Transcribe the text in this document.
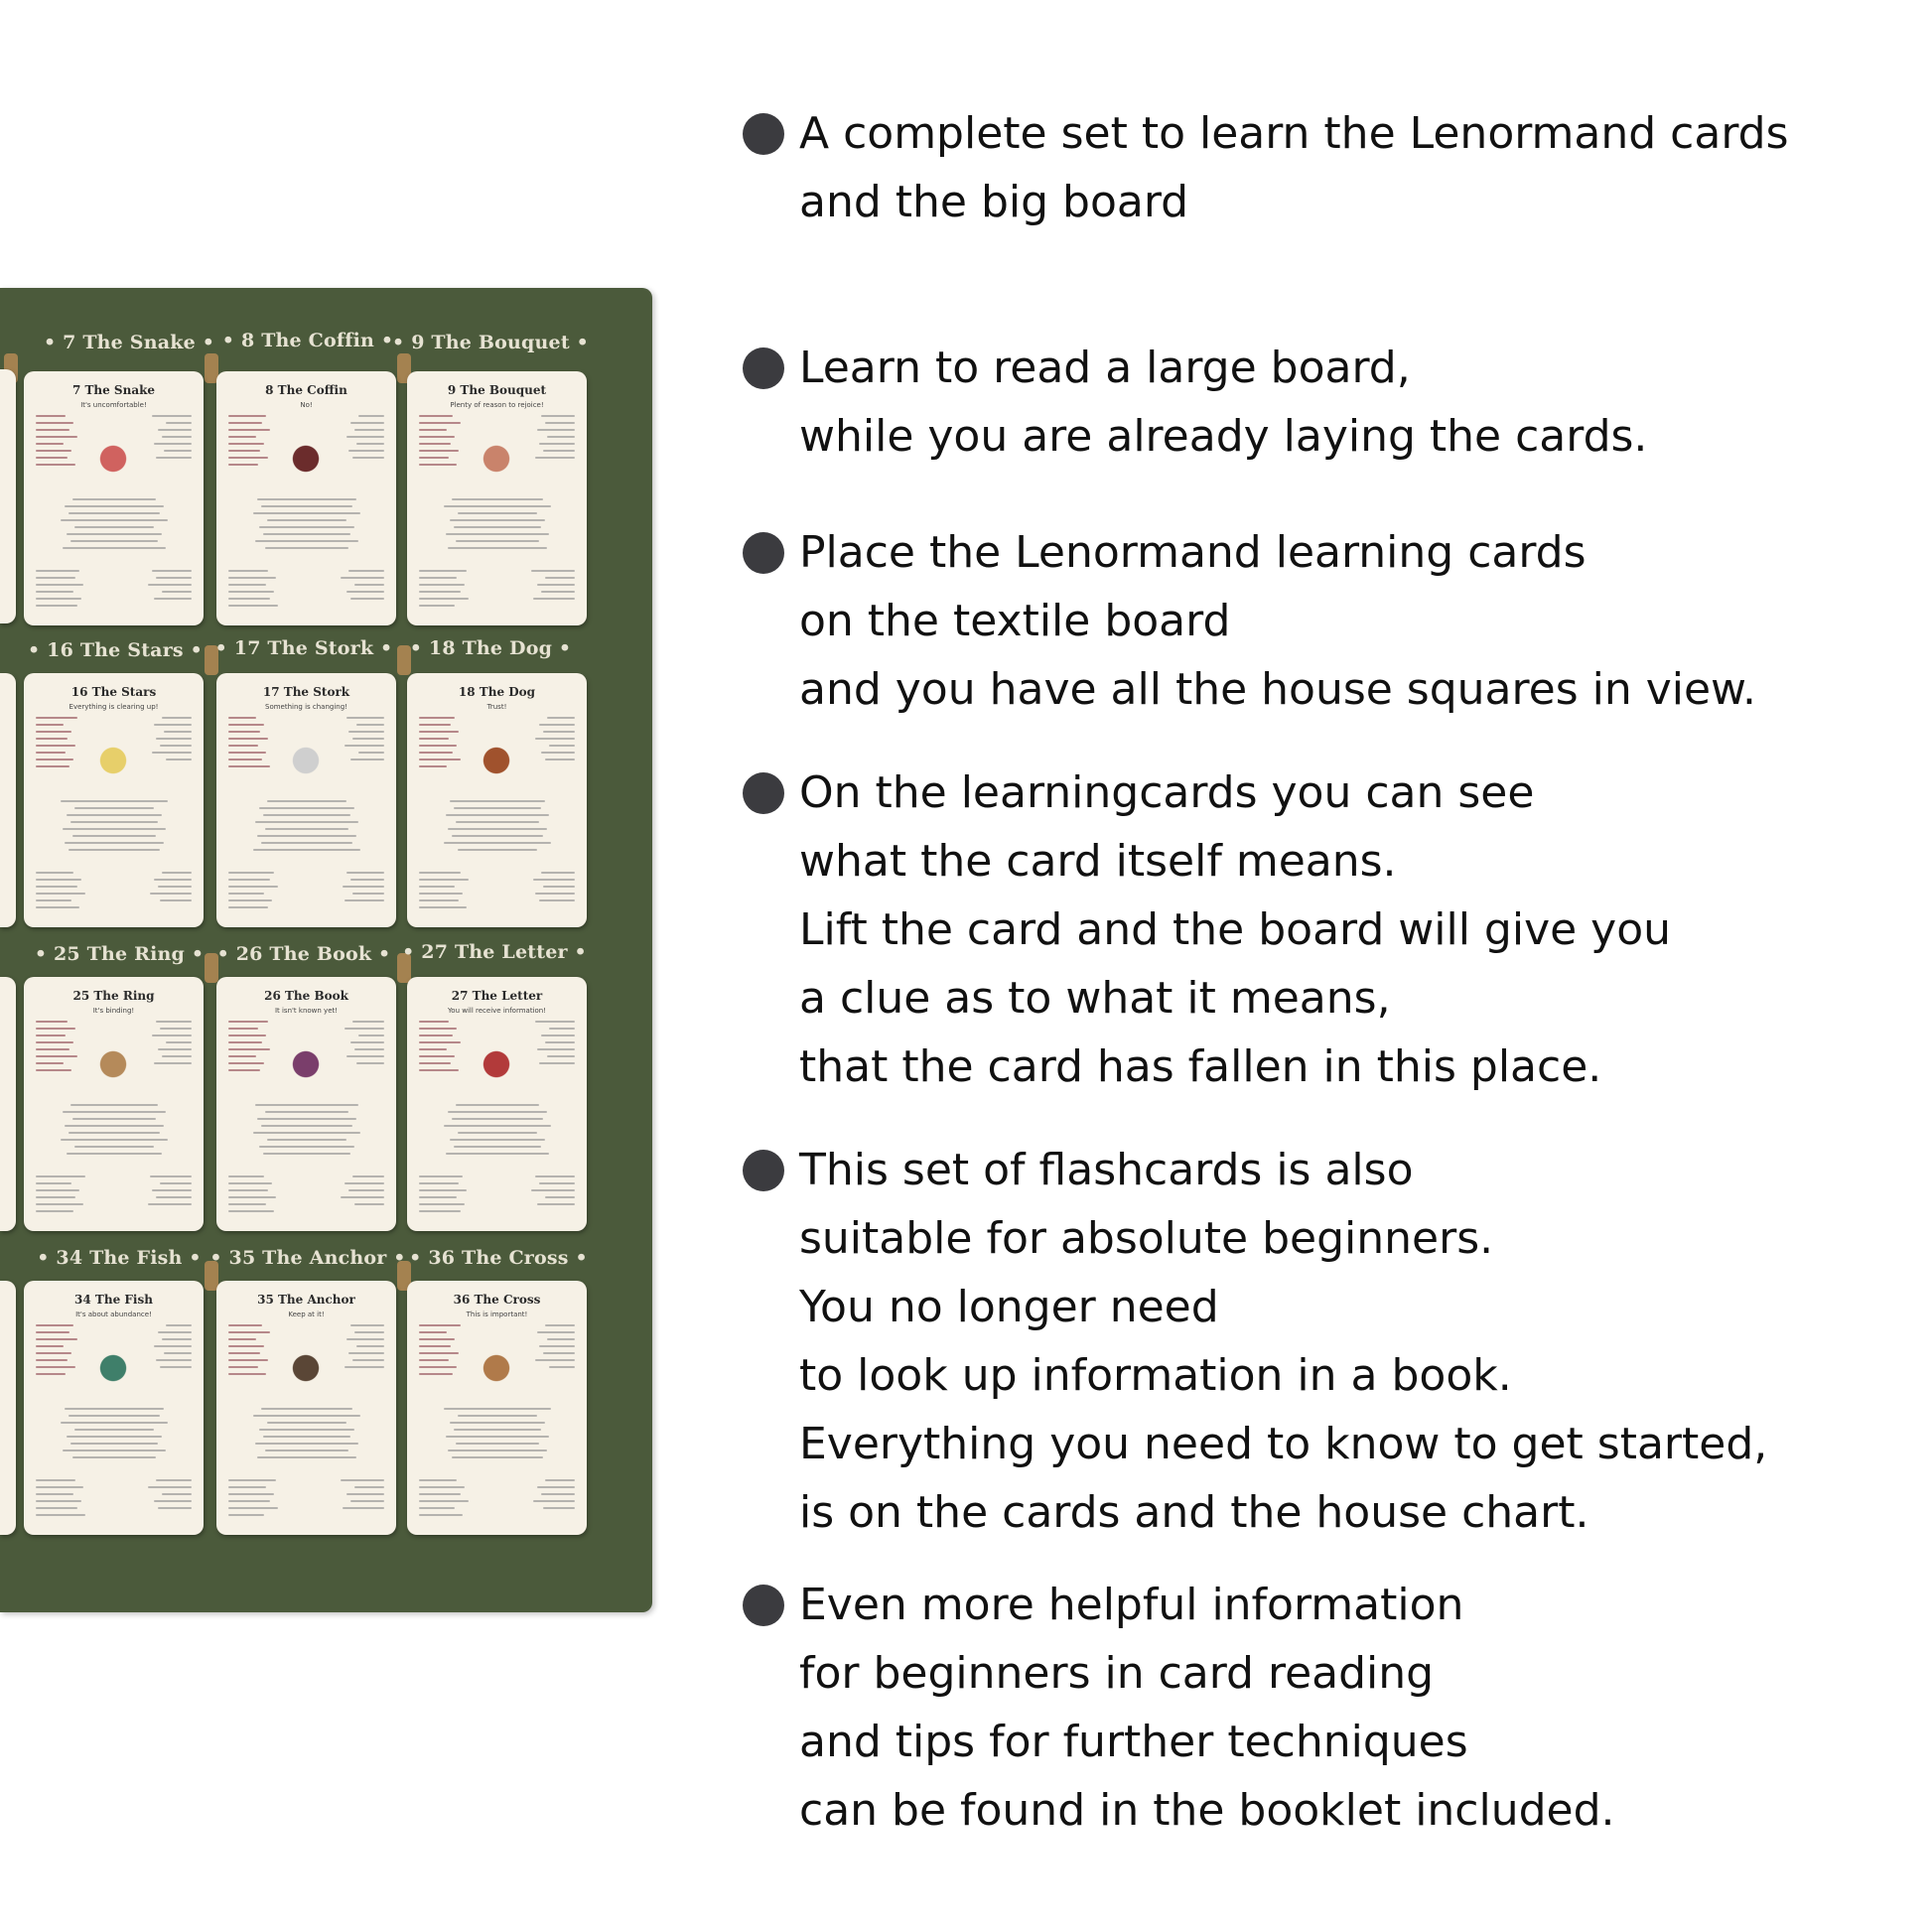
• 7 The Snake • • 8 The Coffin •
• 9 The Bouquet •
• 16 The Stars • • 17 The Stork • • 18 The Dog •
• 25 The Ring • • 26 The Book • • 27 The Letter •
• 34 The Fish • • 35 The Anchor • • 36 The Cross •
7 The Snake
It's uncomfortable!
8 The Coffin
No!
9 The Bouquet
Plenty of reason to rejoice!
16 The Stars
Everything is clearing up!
17 The Stork
Something is changing!
18 The Dog
Trust!
25 The Ring
It's binding!
26 The Book
It isn't known yet!
27 The Letter
You will receive information!
34 The Fish
It's about abundance!
35 The Anchor
Keep at it!
36 The Cross
This is important!
A complete set to learn the Lenormand cards
and the big board
Learn to read a large board,
while you are already laying the cards.
Place the Lenormand learning cards
on the textile board
and you have all the house squares in view.
On the learningcards you can see
what the card itself means.
Lift the card and the board will give you
a clue as to what it means,
that the card has fallen in this place.
This set of flashcards is also
suitable for absolute beginners.
You no longer need
to look up information in a book.
Everything you need to know to get started,
is on the cards and the house chart.
Even more helpful information
for beginners in card reading
and tips for further techniques
can be found in the booklet included.
